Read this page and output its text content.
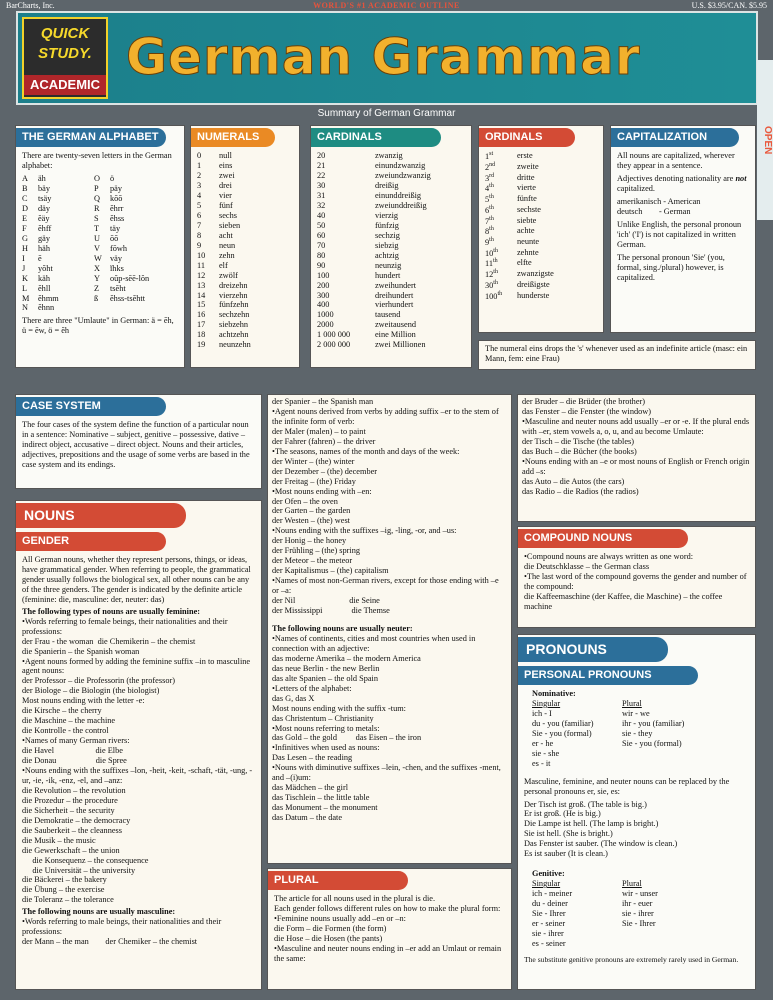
BarCharts, Inc.	WORLD'S #1 ACADEMIC OUTLINE	U.S. $3.95/CAN. $5.95
QUICK
STUDY.
ACADEMIC German Grammar
Summary of German Grammar
OPEN
THE GERMAN ALPHABET

There are twenty-seven letters in the German alphabet:

A	äh	O	ö
B	bäy	P	päy
C	tsäy	Q	kōō
D	däy	R	ĕhrr
E	ĕäy	S	ĕhss
F	ĕhff	T	täy
G	gäy	U	ōō
H	häh	V	fōwh
I	ē	W väy
J	yŏht	X	ĭhks
K	käh	Y	oŭp-sēē-lŏn
L	ĕhll	Z	tsĕht
M	ĕhmm	ß	ĕhss-tsĕhtt
N	ĕhnn

There are three "Umlaute" in German: ä = ēh, ü = ēw, ö = ĕh

NUMERALS
0	null
1	eins
2	zwei
3	drei
4	vier
5	fünf
6	sechs
7	sieben
8	acht
9	neun
10	zehn
11	elf
12	zwölf
13	dreizehn
14	vierzehn
15	fünfzehn
16	sechzehn
17	siebzehn
18	achtzehn
19	neunzehn
CARDINALS
20	zwanzig
21	einundzwanzig
22	zweiundzwanzig
30	dreißig
31	einunddreißig
32	zweiunddreißig
40	vierzig
50	fünfzig
60	sechzig
70	siebzig
80	achtzig
90	neunzig
100	hundert
200	zweihundert
300	dreihundert
400	vierhundert
1000	tausend
2000	zweitausend
1 000 000	eine Million
2 000 000	zwei Millionen
ORDINALS
1st	erste
2nd	zweite
3rd	dritte
4th	vierte
5th	fünfte
6th	sechste
7th	siebte
8th	achte
9th	neunte
10th	zehnte
11th	elfte
12th	zwanzigste
30th	dreißigste
100th	hunderste
CAPITALIZATION

All nouns are capitalized, wherever they appear in a sentence.

Adjectives denoting nationality are not capitalized.

amerikanisch - American

deutsch        - German

Unlike English, the personal pronoun 'ich' ('I') is not capitalized in written German.

The personal pronoun 'Sie' (you, formal, sing./plural) however, is capitalized.

The numeral eins drops the 's' whenever used as an indefinite article (masc: ein Mann, fem: eine Frau)
CASE SYSTEM
The four cases of the system define the function of a particular noun in a sentence: Nominative – subject, genitive – possessive, dative – indirect object, accusative – direct object. Nouns and their articles, adjectives, prepositions and the usage of some verbs are based in the case system and its endings.
NOUNS GENDER
All German nouns, whether they represent persons, things, or ideas, have grammatical gender. When referring to people, the grammatical gender usually follows the biological sex, all other nouns can be any of the three genders. The gender is indicated by the definite article (feminine: die, masculine: der, neuter: das)
The following types of nouns are usually feminine:
•Words referring to female beings, their nationalities and their professions:
der Frau - the woman  die Chemikerin – the chemist
die Spanierin – the Spanish woman
•Agent nouns formed by adding the feminine suffix –in to masculine agent nouns:
der Professor – die Professorin (the professor)
der Biologe – die Biologin (the biologist)
Most nouns ending with the letter -e:
die Kirsche – the cherry
die Maschine – the machine
die Kontrolle - the control
•Names of many German rivers:
die Havel                    die Elbe
die Donau                   die Spree
•Nouns ending with the suffixes –lon, -heit, -keit, -schaft, -tät, -ung, -ur, -ie, -ik, -enz, -el, and –anz:
die Revolution – the revolution
die Prozedur – the procedure
die Sicherheit – the security
die Demokratie – the democracy
die Sauberkeit – the cleanness
die Musik – the music
die Gewerkschaft – the union
die Konsequenz – the consequence
die Universität – the university
die Bäckerei – the bakery
die Übung – the exercise
die Toleranz – the tolerance
The following nouns are usually masculine:
•Words referring to male beings, their nationalities and their professions:
der Mann – the man        der Chemiker – the chemist
der Spanier – the Spanish man
•Agent nouns derived from verbs by adding suffix –er to the stem of the infinite form of verb:
der Maler (malen) – to paint
der Fahrer (fahren) – the driver
•The seasons, names of the month and days of the week:
der Winter – (the) winter
der Dezember – (the) december
der Freitag – (the) Friday
•Most nouns ending with –en:
der Ofen – the oven
der Garten – the garden
der Westen – (the) west
•Nouns ending with the suffixes –ig, -ling, -or, and –us:
der Honig – the honey
der Frühling – (the) spring
der Meteor – the meteor
der Kapitalismus – (the) capitalism
•Names of most non-German rivers, except for those ending with –e or –a:
der Nil                          die Seine
der Mississippi              die Themse
The following nouns are usually neuter:
•Names of continents, cities and most countries when used in connection with an adjective:
das moderne Amerika – the modern America
das neue Berlin - the new Berlin
das alte Spanien – the old Spain
•Letters of the alphabet:
das G, das X
Most nouns ending with the suffix -tum:
das Christentum – Christianity
•Most nouns referring to metals:
das Gold – the gold         das Eisen – the iron
•Infinitives when used as nouns:
Das Lesen – the reading
•Nouns with diminutive suffixes –lein, -chen, and the suffixes -ment, and –(i)um:
das Mädchen – the girl
das Tischlein – the little table
das Monument – the monument
das Datum – the date
PLURAL
The article for all nouns used in the plural is die.
Each gender follows different rules on how to make the plural form:
•Feminine nouns usually add –en or –n:
die Form – die Formen (the form)
die Hose – die Hosen (the pants)
•Masculine and neuter nouns ending in –er add an Umlaut or remain the same:
der Bruder – die Brüder (the brother)
das Fenster – die Fenster (the window)
•Masculine and neuter nouns add usually –er or -e. If the plural ends with –er, stem vowels a, o, u, and au become Umlaute:
der Tisch – die Tische (the tables)
das Buch – die Bücher (the books)
•Nouns ending with an –e or most nouns of English or French origin add –s:
das Auto – die Autos (the cars)
das Radio – die Radios (the radios)
COMPOUND NOUNS
•Compound nouns are always written as one word:
die Deutschklasse – the German class
•The last word of the compound governs the gender and number of the compound:
die Kaffeemaschine (der Kaffee, die Maschine) – the coffee machine
PRONOUNS PERSONAL PRONOUNS
Nominative:
Singular	Plural
ich - I	wir - we
du - you (familiar)	ihr - you (familiar)
Sie - you (formal)	sie - they
er - he	Sie - you (formal)
sie - she
es - it

Masculine, feminine, and neuter nouns can be replaced by the personal pronouns er, sie, es:

Der Tisch ist groß. (The table is big.)
Er ist groß. (He is big.)
Die Lampe ist hell. (The lamp is bright.)
Sie ist hell. (She is bright.)
Das Fenster ist sauber. (The window is clean.)
Es ist sauber (It is clean.)
Genitive:
Singular	Plural
ich - meiner	wir - unser
du - deiner	ihr - euer
Sie - Ihrer	sie - ihrer
er - seiner	Sie - Ihrer
sie - ihrer
es - seiner

The substitute genitive pronouns are extremely rarely used in German.
